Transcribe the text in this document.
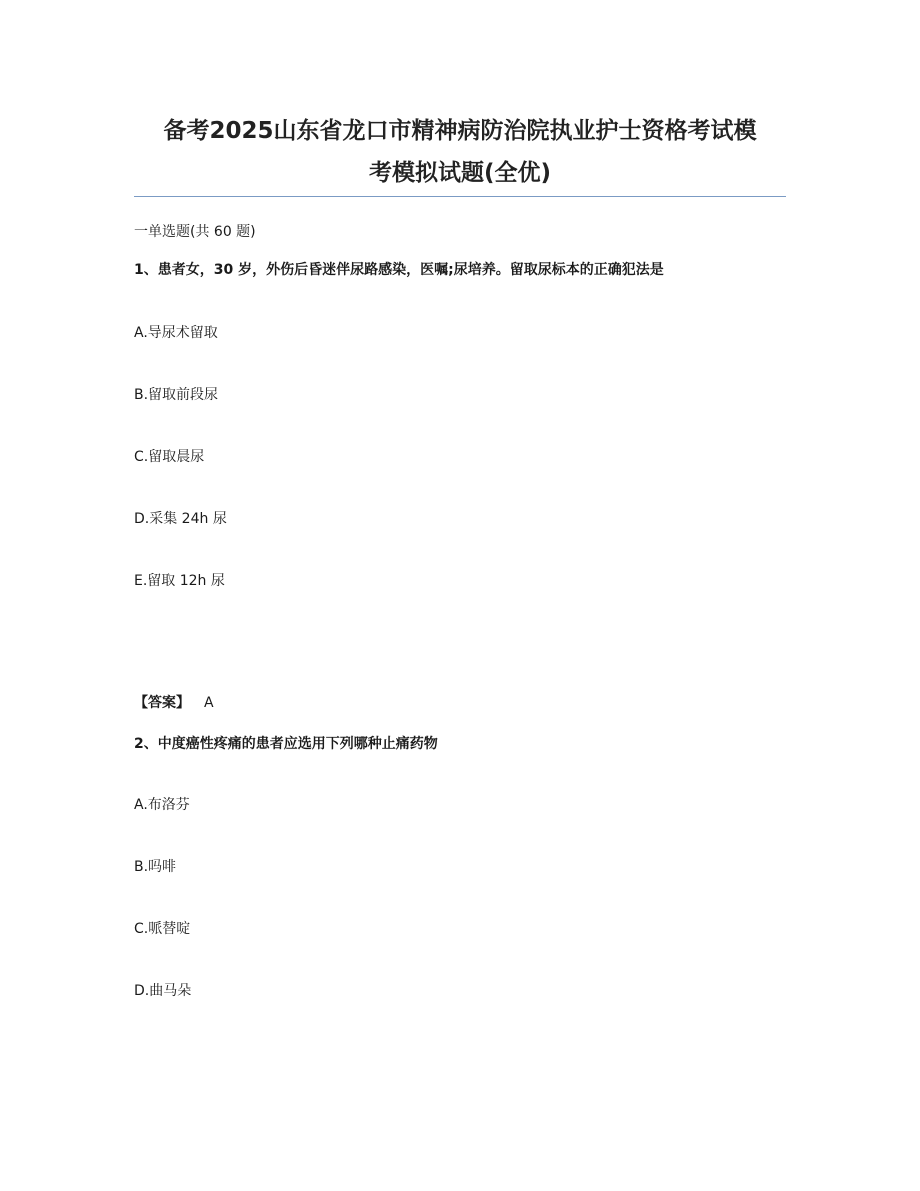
备考2025山东省龙口市精神病防治院执业护士资格考试模
考模拟试题(全优)
一单选题(共 60 题)
1、患者女，30 岁，外伤后昏迷伴尿路感染，医嘱;尿培养。留取尿标本的正确犯法是
A.导尿术留取
B.留取前段尿
C.留取晨尿
D.采集 24h 尿
E.留取 12h 尿
【答案】 A
2、中度癌性疼痛的患者应选用下列哪种止痛药物
A.布洛芬
B.吗啡
C.哌替啶
D.曲马朵
